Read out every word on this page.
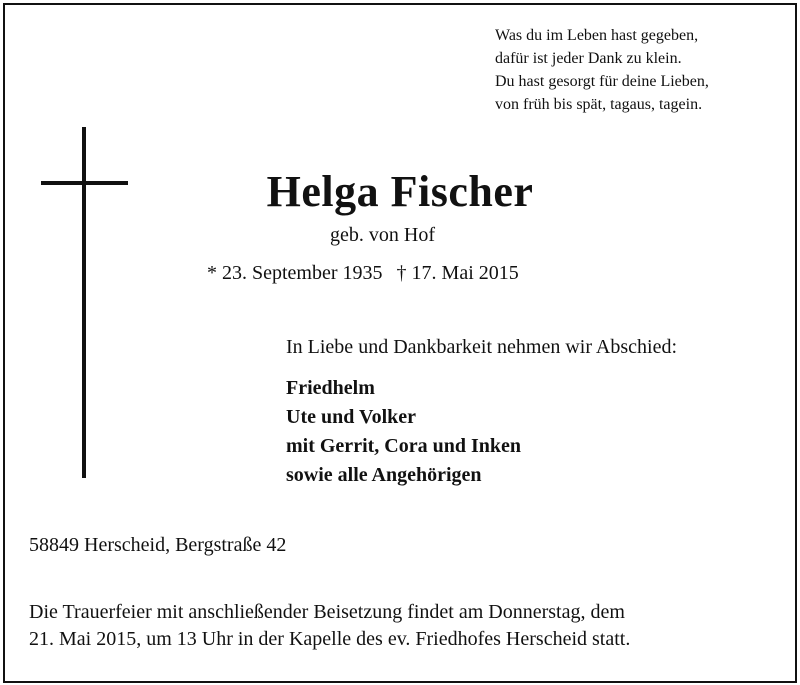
Was du im Leben hast gegeben,
dafür ist jeder Dank zu klein.
Du hast gesorgt für deine Lieben,
von früh bis spät, tagaus, tagein.
Helga Fischer
geb. von Hof
* 23. September 1935 † 17. Mai 2015
In Liebe und Dankbarkeit nehmen wir Abschied:
Friedhelm
Ute und Volker
mit Gerrit, Cora und Inken
sowie alle Angehörigen
58849 Herscheid, Bergstraße 42
Die Trauerfeier mit anschließender Beisetzung findet am Donnerstag, dem
21. Mai 2015, um 13 Uhr in der Kapelle des ev. Friedhofes Herscheid statt.
